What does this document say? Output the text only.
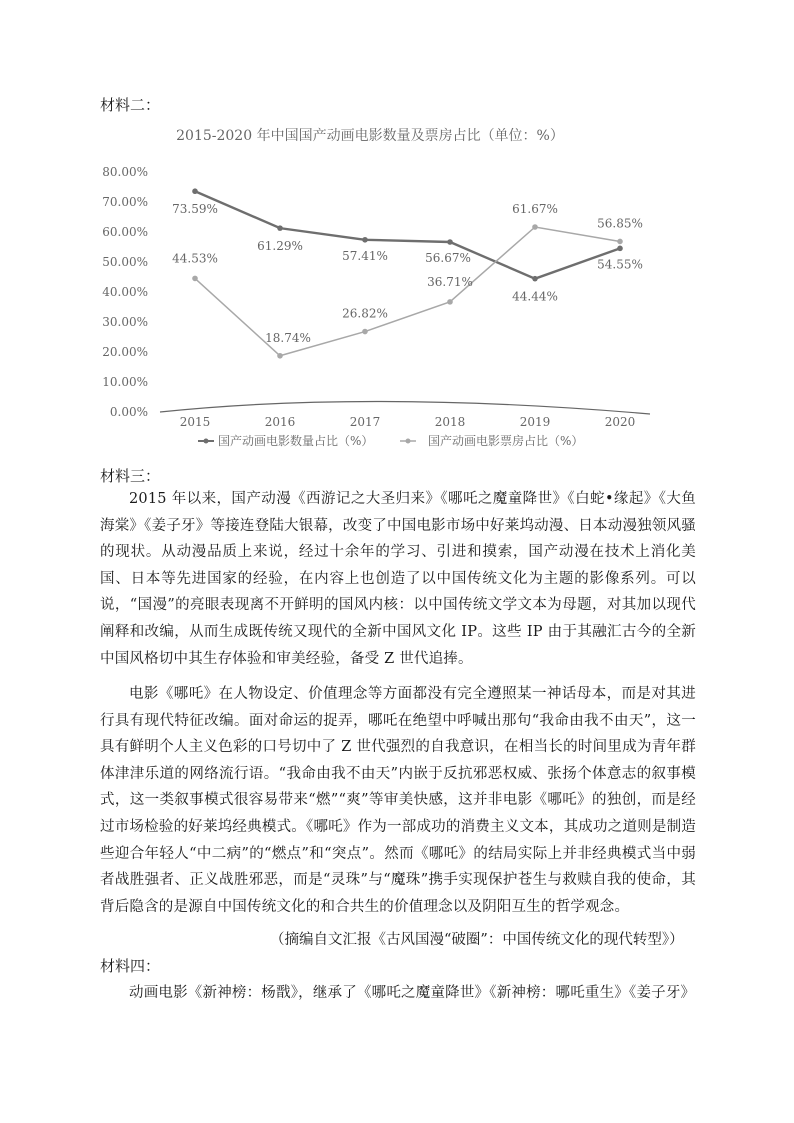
材料二：

2015-2020 年中国国产动画电影数量及票房占比（单位：%）
0.00%
10.00%
20.00%
30.00%
40.00%
50.00%
60.00%
70.00%
80.00%
2015	2016	2017	2018	2019	2020
73.59%
61.29%
57.41%	56.67%
44.44%
54.55%
44.53%
18.74%
26.82%
36.71%
61.67%
56.85%
国产动画电影数量占比（%）	国产动画电影票房占比（%）

材料三：

2015 年以来，国产动漫《西游记之大圣归来》《哪吒之魔童降世》《白蛇•缘起》《大鱼海棠》《姜子牙》等接连登陆大银幕，改变了中国电影市场中好莱坞动漫、日本动漫独领风骚的现状。从动漫品质上来说，经过十余年的学习、引进和摸索，国产动漫在技术上消化美国、日本等先进国家的经验，在内容上也创造了以中国传统文化为主题的影像系列。可以说，“国漫”的亮眼表现离不开鲜明的国风内核：以中国传统文学文本为母题，对其加以现代阐释和改编，从而生成既传统又现代的全新中国风文化 IP。这些 IP 由于其融汇古今的全新中国风格切中其生存体验和审美经验，备受 Z 世代追捧。

电影《哪吒》在人物设定、价值理念等方面都没有完全遵照某一神话母本，而是对其进行具有现代特征改编。面对命运的捉弄，哪吒在绝望中呼喊出那句“我命由我不由天”，这一具有鲜明个人主义色彩的口号切中了 Z 世代强烈的自我意识，在相当长的时间里成为青年群体津津乐道的网络流行语。“我命由我不由天”内嵌于反抗邪恶权威、张扬个体意志的叙事模式，这一类叙事模式很容易带来“燃”“爽”等审美快感，这并非电影《哪吒》的独创，而是经过市场检验的好莱坞经典模式。《哪吒》作为一部成功的消费主义文本，其成功之道则是制造些迎合年轻人“中二病”的“燃点”和“突点”。然而《哪吒》的结局实际上并非经典模式当中弱者战胜强者、正义战胜邪恶，而是“灵珠”与“魔珠”携手实现保护苍生与救赎自我的使命，其背后隐含的是源自中国传统文化的和合共生的价值理念以及阴阳互生的哲学观念。

（摘编自文汇报《古风国漫“破圈”：中国传统文化的现代转型》）

材料四：

动画电影《新神榜：杨戬》，继承了《哪吒之魔童降世》《新神榜：哪吒重生》《姜子牙》
